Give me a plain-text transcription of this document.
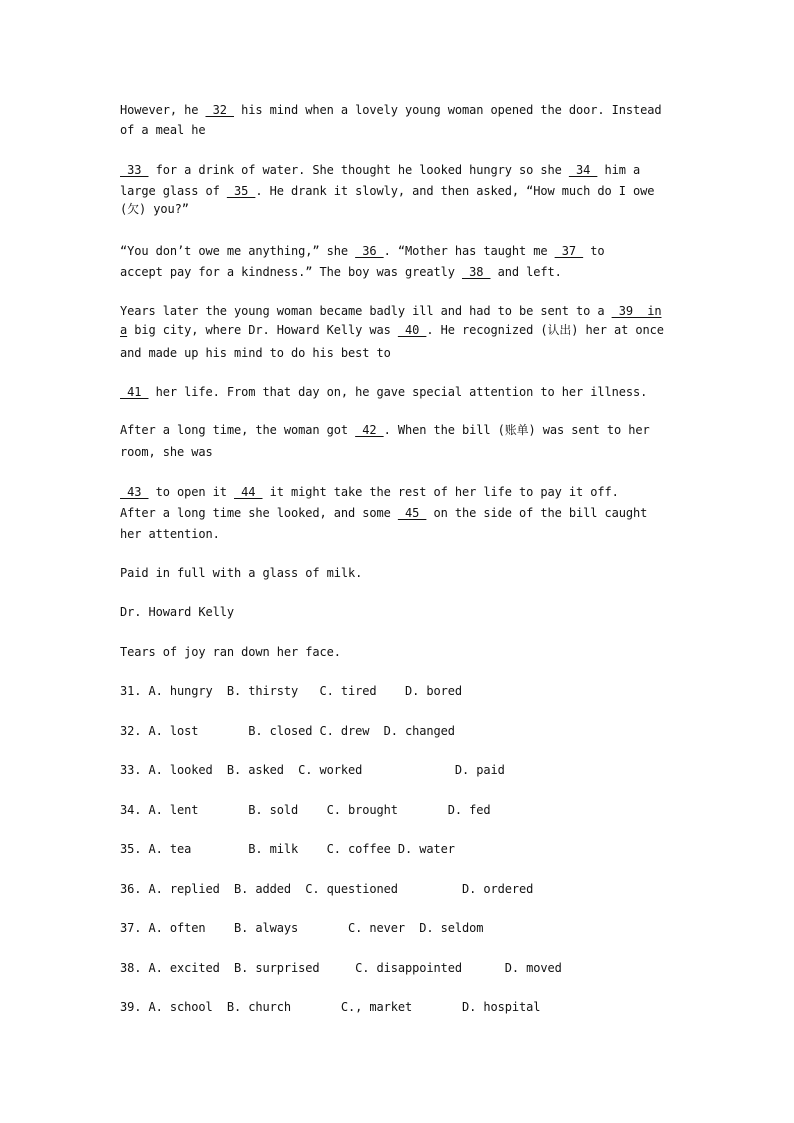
However, he  32  his mind when a lovely young woman opened the door. Instead

of a meal he

33  for a drink of water. She thought he looked hungry so she  34  him a

large glass of  35 . He drank it slowly, and then asked, “How much do I owe

(欠) you?”

“You don’t owe me anything,” she  36 . “Mother has taught me  37  to

accept pay for a kindness.” The boy was greatly  38  and left.

Years later the young woman became badly ill and had to be sent to a  39  in

a big city, where Dr. Howard Kelly was  40 . He recognized (认出) her at once

and made up his mind to do his best to

41  her life. From that day on, he gave special attention to her illness.

After a long time, the woman got  42 . When the bill (账单) was sent to her

room, she was

43  to open it  44  it might take the rest of her life to pay it off.

After a long time she looked, and some  45  on the side of the bill caught

her attention.

Paid in full with a glass of milk.

Dr. Howard Kelly

Tears of joy ran down her face.

31. A. hungry  B. thirsty   C. tired    D. bored

32. A. lost       B. closed C. drew  D. changed

33. A. looked  B. asked  C. worked             D. paid

34. A. lent       B. sold    C. brought       D. fed

35. A. tea        B. milk    C. coffee D. water

36. A. replied  B. added  C. questioned         D. ordered

37. A. often    B. always       C. never  D. seldom

38. A. excited  B. surprised     C. disappointed      D. moved

39. A. school  B. church       C., market       D. hospital
